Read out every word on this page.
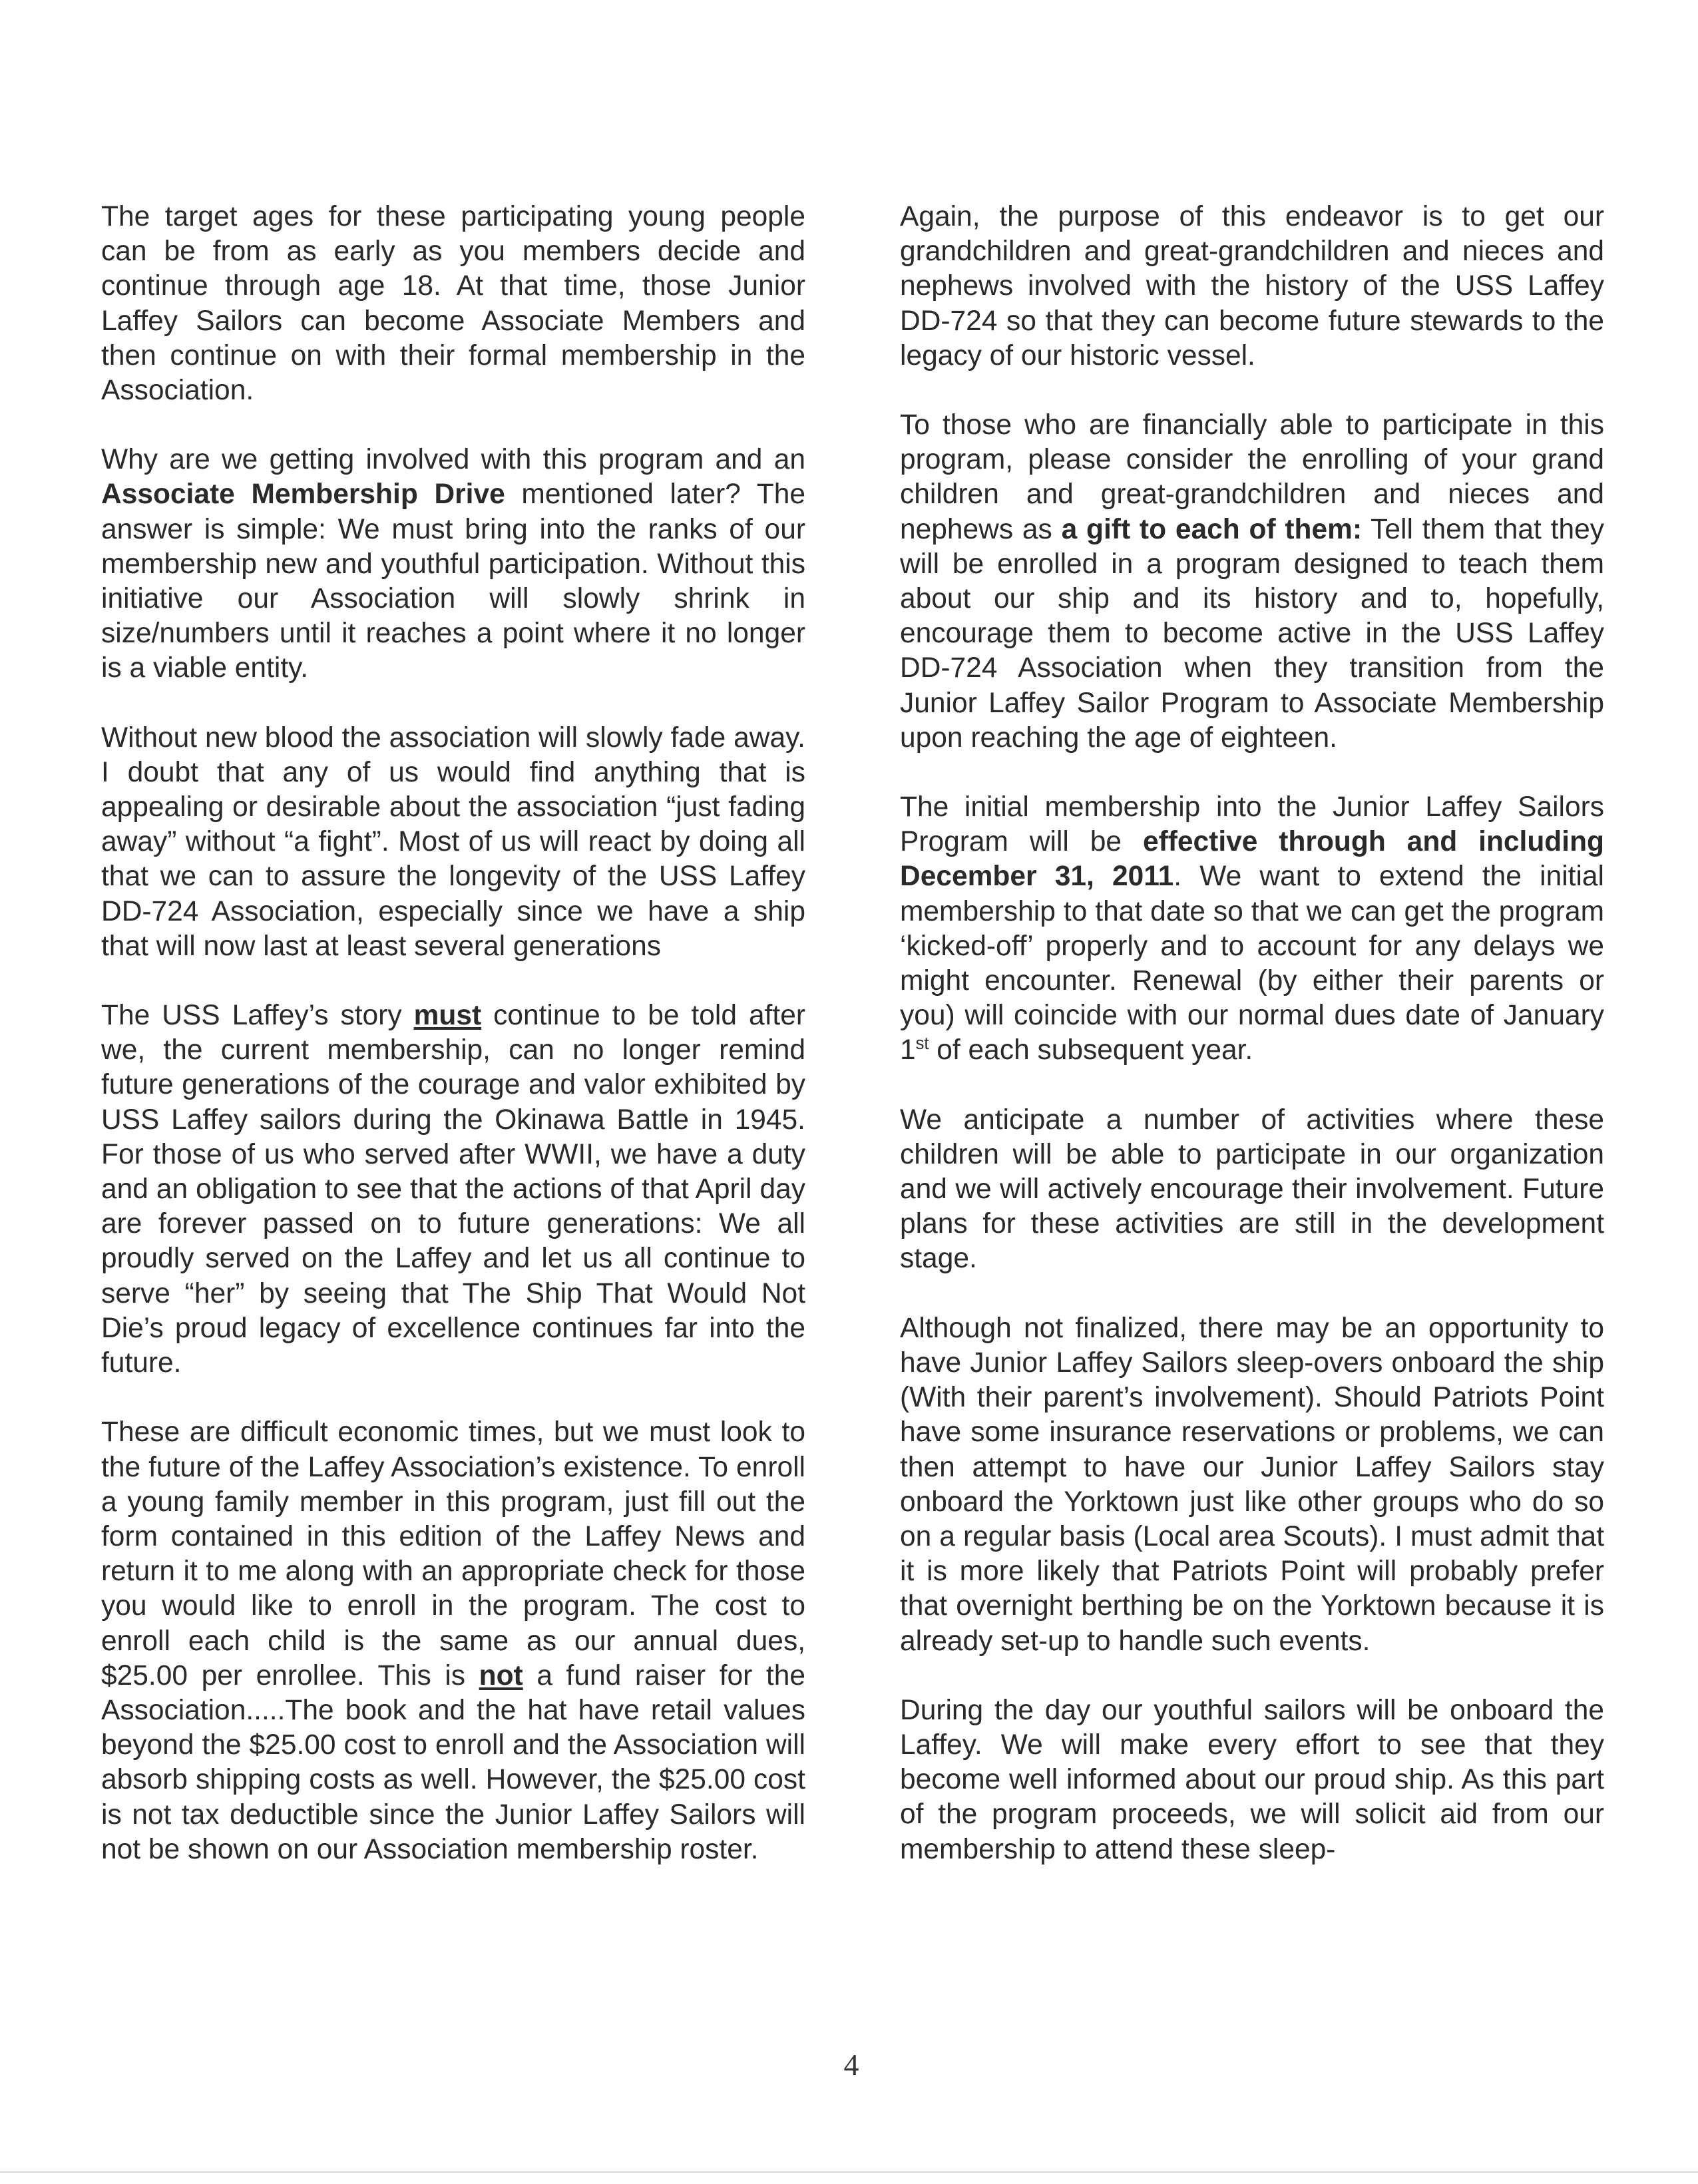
The target ages for these participating young people can be from as early as you members decide and continue through age 18. At that time, those Junior Laffey Sailors can become Associate Members and then continue on with their formal membership in the Association.

Why are we getting involved with this program and an Associate Membership Drive mentioned later? The answer is simple: We must bring into the ranks of our membership new and youthful participation. Without this initiative our Association will slowly shrink in size/numbers until it reaches a point where it no longer is a viable entity.

Without new blood the association will slowly fade away. I doubt that any of us would find anything that is appealing or desirable about the association “just fading away” without “a fight”. Most of us will react by doing all that we can to assure the longevity of the USS Laffey DD-724 Association, especially since we have a ship that will now last at least several generations

The USS Laffey’s story must continue to be told after we, the current membership, can no longer remind future generations of the courage and valor exhibited by USS Laffey sailors during the Okinawa Battle in 1945. For those of us who served after WWII, we have a duty and an obligation to see that the actions of that April day are forever passed on to future generations: We all proudly served on the Laffey and let us all continue to serve “her” by seeing that The Ship That Would Not Die’s proud legacy of excellence continues far into the future.

These are difficult economic times, but we must look to the future of the Laffey Association’s existence. To enroll a young family member in this program, just fill out the form contained in this edition of the Laffey News and return it to me along with an appropriate check for those you would like to enroll in the program. The cost to enroll each child is the same as our annual dues, $25.00 per enrollee. This is not a fund raiser for the Association.....The book and the hat have retail values beyond the $25.00 cost to enroll and the Association will absorb shipping costs as well. However, the $25.00 cost is not tax deductible since the Junior Laffey Sailors will not be shown on our Association membership roster.

Again, the purpose of this endeavor is to get our grandchildren and great-grandchildren and nieces and nephews involved with the history of the USS Laffey DD-724 so that they can become future stewards to the legacy of our historic vessel.

To those who are financially able to participate in this program, please consider the enrolling of your grand children and great-grandchildren and nieces and nephews as a gift to each of them: Tell them that they will be enrolled in a program designed to teach them about our ship and its history and to, hopefully, encourage them to become active in the USS Laffey DD-724 Association when they transition from the Junior Laffey Sailor Program to Associate Membership upon reaching the age of eighteen.

The initial membership into the Junior Laffey Sailors Program will be effective through and including December 31, 2011. We want to extend the initial membership to that date so that we can get the program ‘kicked-off’ properly and to account for any delays we might encounter. Renewal (by either their parents or you) will coincide with our normal dues date of January 1st of each subsequent year.

We anticipate a number of activities where these children will be able to participate in our organization and we will actively encourage their involvement. Future plans for these activities are still in the development stage.

Although not finalized, there may be an opportunity to have Junior Laffey Sailors sleep-overs onboard the ship (With their parent’s involvement). Should Patriots Point have some insurance reservations or problems, we can then attempt to have our Junior Laffey Sailors stay onboard the Yorktown just like other groups who do so on a regular basis (Local area Scouts). I must admit that it is more likely that Patriots Point will probably prefer that overnight berthing be on the Yorktown because it is already set-up to handle such events.

During the day our youthful sailors will be onboard the Laffey. We will make every effort to see that they become well informed about our proud ship. As this part of the program proceeds, we will solicit aid from our membership to attend these sleep-

4
